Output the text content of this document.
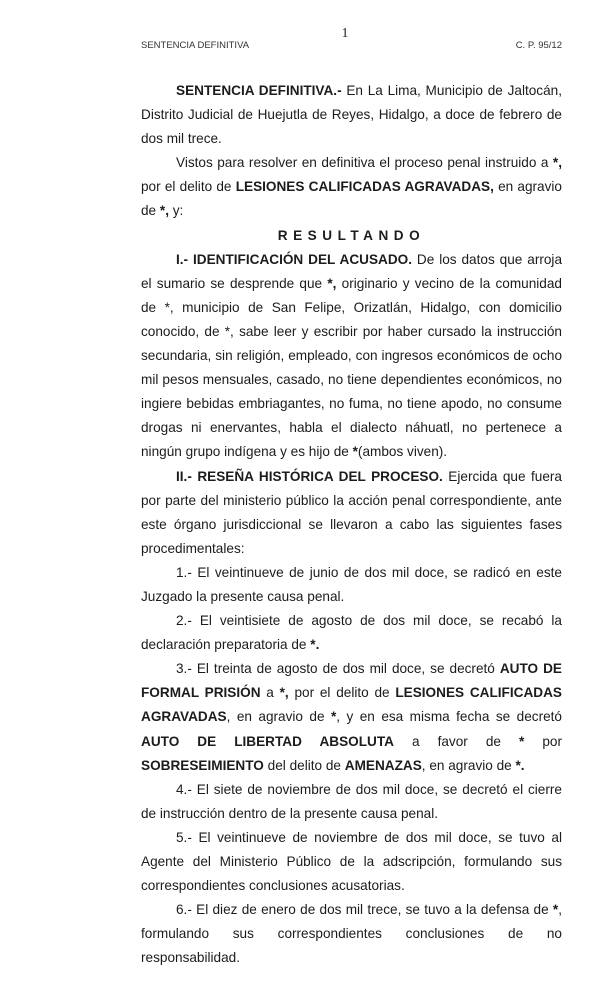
1
SENTENCIA DEFINITIVA	C. P. 95/12

SENTENCIA DEFINITIVA.- En La Lima, Municipio de Jaltocán, Distrito Judicial de Huejutla de Reyes, Hidalgo, a doce de febrero de dos mil trece.

Vistos para resolver en definitiva el proceso penal instruido a *, por el delito de LESIONES CALIFICADAS AGRAVADAS, en agravio de *, y:

RESULTANDO

I.- IDENTIFICACIÓN DEL ACUSADO. De los datos que arroja el sumario se desprende que *, originario y vecino de la comunidad de *, municipio de San Felipe, Orizatlán, Hidalgo, con domicilio conocido, de *, sabe leer y escribir por haber cursado la instrucción secundaria, sin religión, empleado, con ingresos económicos de ocho mil pesos mensuales, casado, no tiene dependientes económicos, no ingiere bebidas embriagantes, no fuma, no tiene apodo, no consume drogas ni enervantes, habla el dialecto náhuatl, no pertenece a ningún grupo indígena y es hijo de *(ambos viven).

II.- RESEÑA HISTÓRICA DEL PROCESO. Ejercida que fuera por parte del ministerio público la acción penal correspondiente, ante este órgano jurisdiccional se llevaron a cabo las siguientes fases procedimentales:

1.- El veintinueve de junio de dos mil doce, se radicó en este Juzgado la presente causa penal.

2.- El veintisiete de agosto de dos mil doce, se recabó la declaración preparatoria de *.

3.- El treinta de agosto de dos mil doce, se decretó AUTO DE FORMAL PRISIÓN a *, por el delito de LESIONES CALIFICADAS AGRAVADAS, en agravio de *, y en esa misma fecha se decretó AUTO DE LIBERTAD ABSOLUTA a favor de * por SOBRESEIMIENTO del delito de AMENAZAS, en agravio de *.

4.- El siete de noviembre de dos mil doce, se decretó el cierre de instrucción dentro de la presente causa penal.

5.- El veintinueve de noviembre de dos mil doce, se tuvo al Agente del Ministerio Público de la adscripción, formulando sus correspondientes conclusiones acusatorias.

6.- El diez de enero de dos mil trece, se tuvo a la defensa de *, formulando sus correspondientes conclusiones de no responsabilidad.
